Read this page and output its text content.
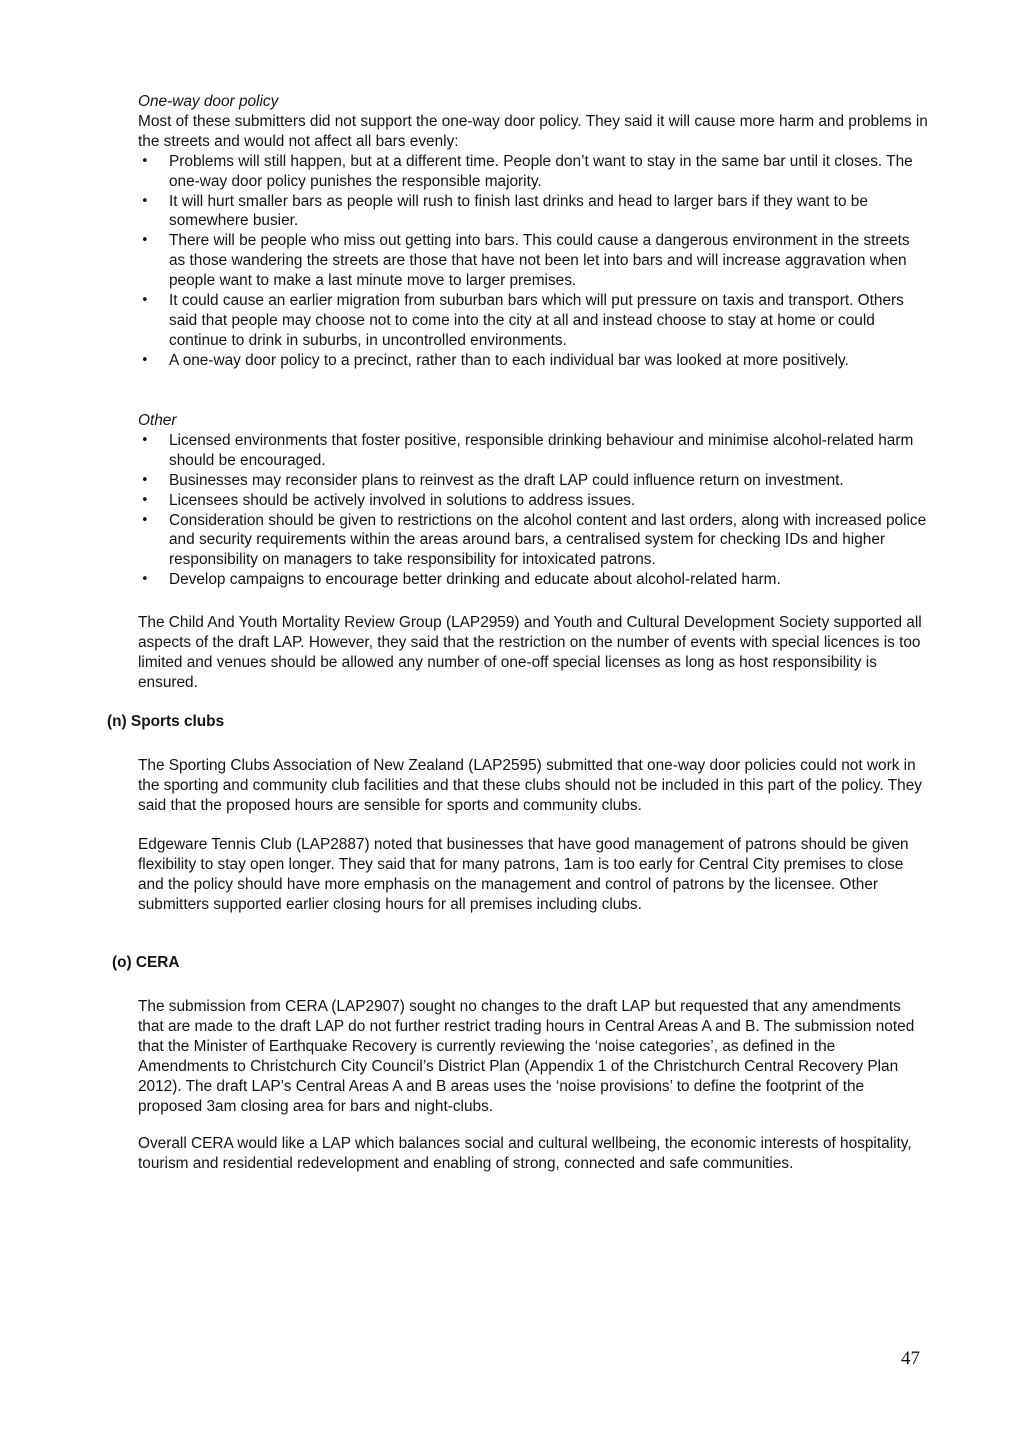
One-way door policy

Most of these submitters did not support the one-way door policy. They said it will cause more harm and problems in the streets and would not affect all bars evenly:

• Problems will still happen, but at a different time. People don’t want to stay in the same bar until it closes. The one-way door policy punishes the responsible majority.
• It will hurt smaller bars as people will rush to finish last drinks and head to larger bars if they want to be somewhere busier.
• There will be people who miss out getting into bars. This could cause a dangerous environment in the streets as those wandering the streets are those that have not been let into bars and will increase aggravation when people want to make a last minute move to larger premises.
• It could cause an earlier migration from suburban bars which will put pressure on taxis and transport. Others said that people may choose not to come into the city at all and instead choose to stay at home or could continue to drink in suburbs, in uncontrolled environments.
• A one-way door policy to a precinct, rather than to each individual bar was looked at more positively.

Other

• Licensed environments that foster positive, responsible drinking behaviour and minimise alcohol-related harm should be encouraged.
• Businesses may reconsider plans to reinvest as the draft LAP could influence return on investment.
• Licensees should be actively involved in solutions to address issues.
• Consideration should be given to restrictions on the alcohol content and last orders, along with increased police and security requirements within the areas around bars, a centralised system for checking IDs and higher responsibility on managers to take responsibility for intoxicated patrons.
• Develop campaigns to encourage better drinking and educate about alcohol-related harm.

The Child And Youth Mortality Review Group (LAP2959) and Youth and Cultural Development Society supported all aspects of the draft LAP. However, they said that the restriction on the number of events with special licences is too limited and venues should be allowed any number of one-off special licenses as long as host responsibility is ensured.

(n) Sports clubs

The Sporting Clubs Association of New Zealand (LAP2595) submitted that one-way door policies could not work in the sporting and community club facilities and that these clubs should not be included in this part of the policy. They said that the proposed hours are sensible for sports and community clubs.

Edgeware Tennis Club (LAP2887) noted that businesses that have good management of patrons should be given flexibility to stay open longer. They said that for many patrons, 1am is too early for Central City premises to close and the policy should have more emphasis on the management and control of patrons by the licensee. Other submitters supported earlier closing hours for all premises including clubs.

(o) CERA

The submission from CERA (LAP2907) sought no changes to the draft LAP but requested that any amendments that are made to the draft LAP do not further restrict trading hours in Central Areas A and B. The submission noted that the Minister of Earthquake Recovery is currently reviewing the ‘noise categories’, as defined in the Amendments to Christchurch City Council’s District Plan (Appendix 1 of the Christchurch Central Recovery Plan 2012). The draft LAP’s Central Areas A and B areas uses the ‘noise provisions’ to define the footprint of the proposed 3am closing area for bars and night-clubs.

Overall CERA would like a LAP which balances social and cultural wellbeing, the economic interests of hospitality, tourism and residential redevelopment and enabling of strong, connected and safe communities.

47
